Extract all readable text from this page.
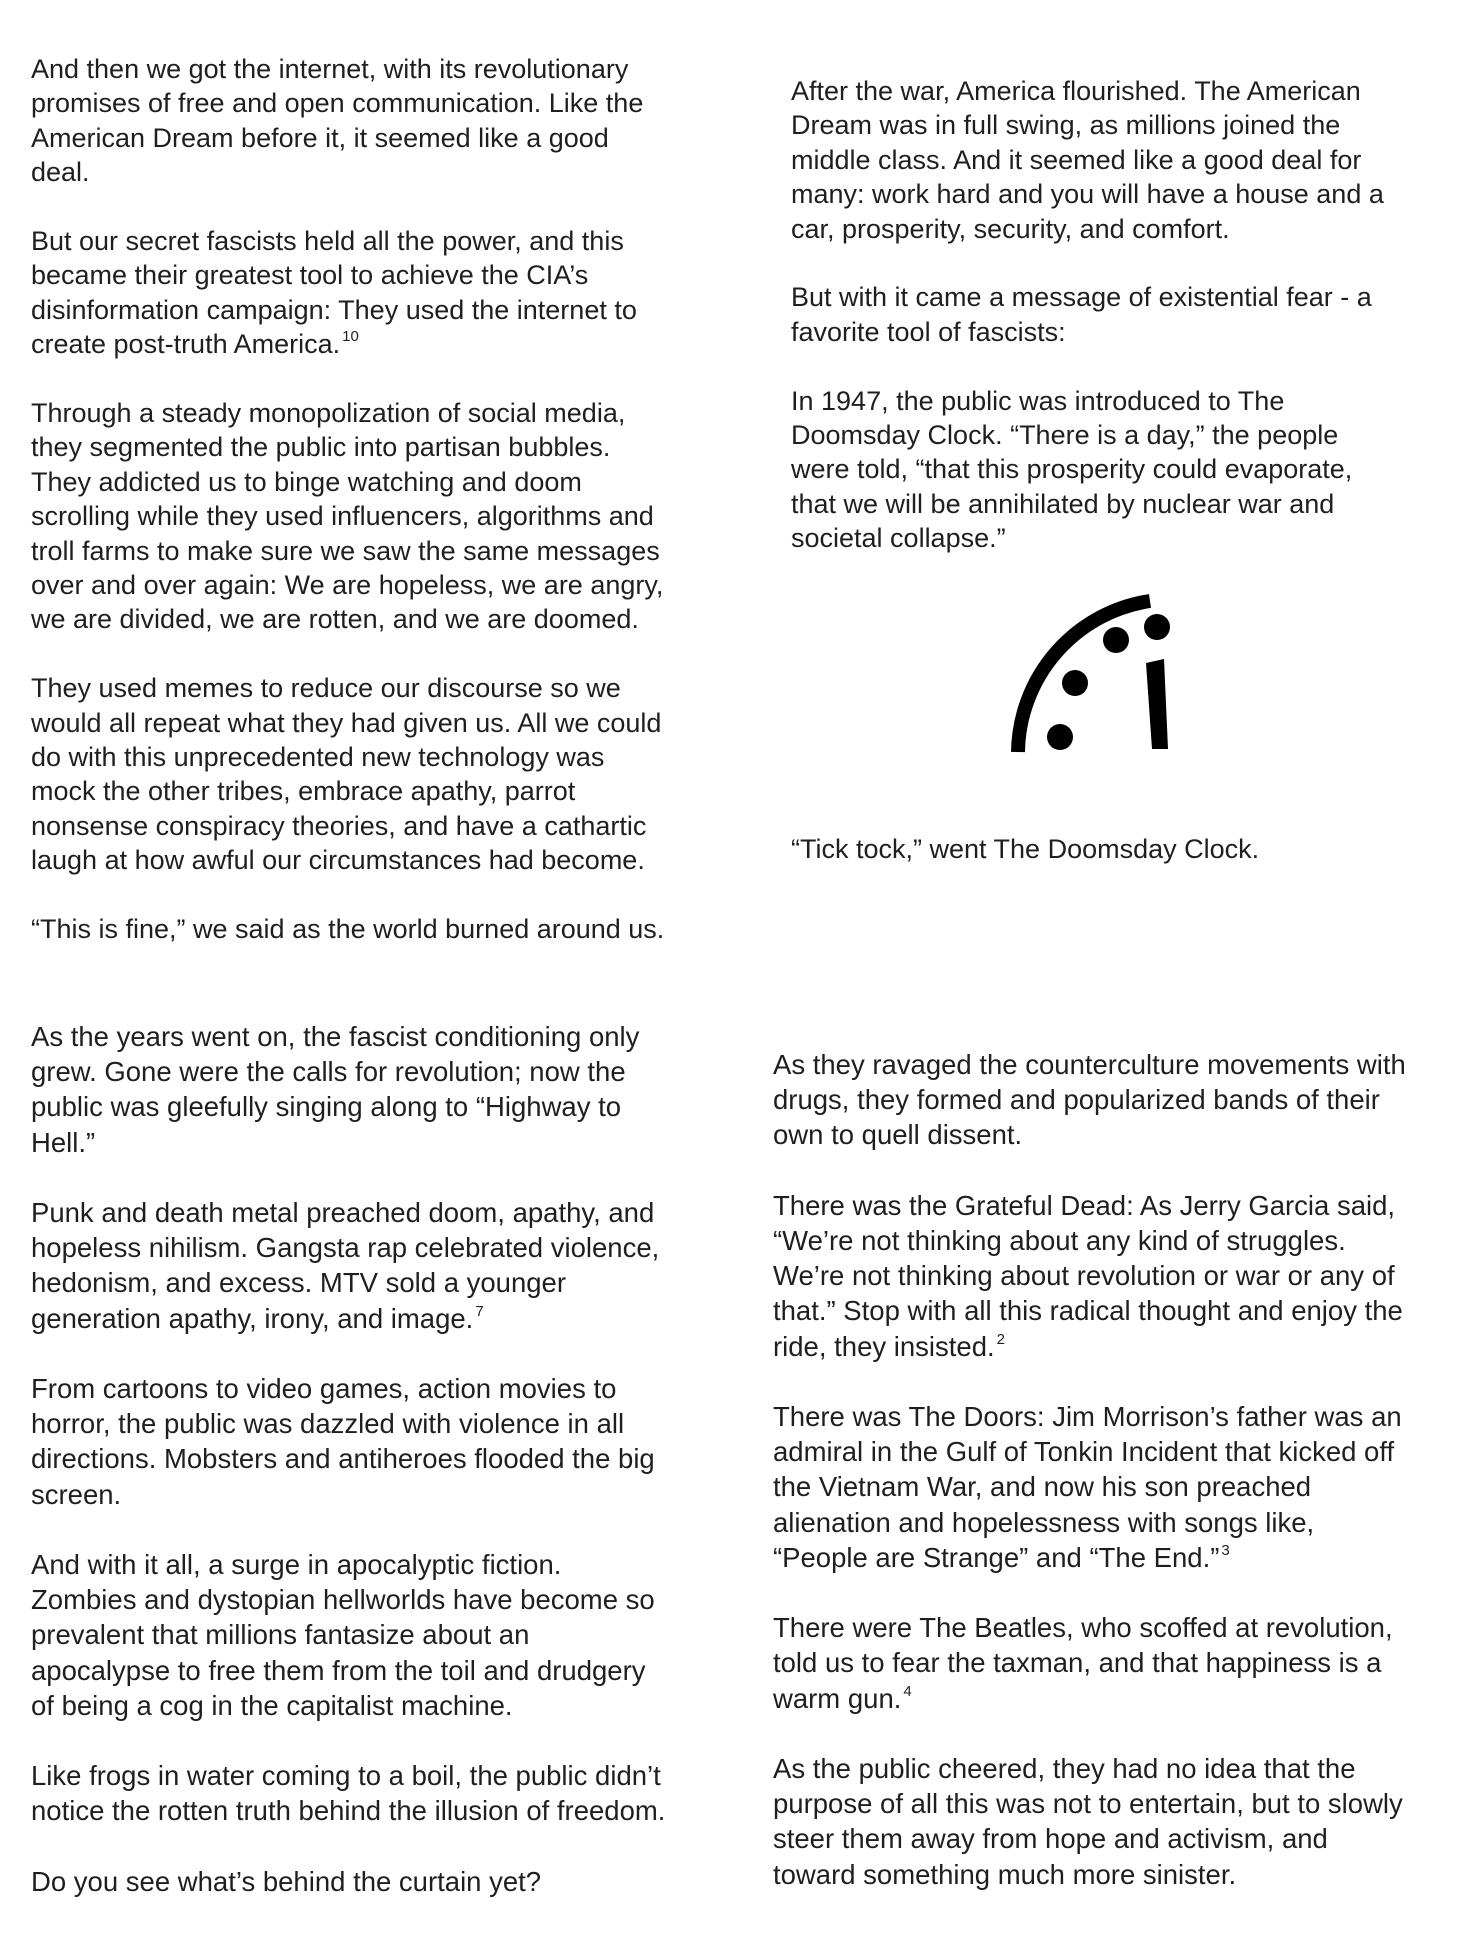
And then we got the internet, with its revolutionary
promises of free and open communication. Like the
American Dream before it, it seemed like a good
deal.

But our secret fascists held all the power, and this
became their greatest tool to achieve the CIA’s
disinformation campaign: They used the internet to
create post-truth America. $^{10}$

Through a steady monopolization of social media,
they segmented the public into partisan bubbles.
They addicted us to binge watching and doom
scrolling while they used influencers, algorithms and
troll farms to make sure we saw the same messages
over and over again: We are hopeless, we are angry,
we are divided, we are rotten, and we are doomed.

They used memes to reduce our discourse so we
would all repeat what they had given us. All we could
do with this unprecedented new technology was
mock the other tribes, embrace apathy, parrot
nonsense conspiracy theories, and have a cathartic
laugh at how awful our circumstances had become.

“This is fine,” we said as the world burned around us.

After the war, America flourished. The American
Dream was in full swing, as millions joined the
middle class. And it seemed like a good deal for
many: work hard and you will have a house and a
car, prosperity, security, and comfort.

But with it came a message of existential fear - a
favorite tool of fascists:

In 1947, the public was introduced to The
Doomsday Clock. “There is a day,” the people
were told, “that this prosperity could evaporate,
that we will be annihilated by nuclear war and
societal collapse.”

“Tick tock,” went The Doomsday Clock.

As the years went on, the fascist conditioning only
grew. Gone were the calls for revolution; now the
public was gleefully singing along to “Highway to
Hell.”

Punk and death metal preached doom, apathy, and
hopeless nihilism. Gangsta rap celebrated violence,
hedonism, and excess. MTV sold a younger
generation apathy, irony, and image. $^7$

From cartoons to video games, action movies to
horror, the public was dazzled with violence in all
directions. Mobsters and antiheroes flooded the big
screen.

And with it all, a surge in apocalyptic fiction.
Zombies and dystopian hellworlds have become so
prevalent that millions fantasize about an
apocalypse to free them from the toil and drudgery
of being a cog in the capitalist machine.

Like frogs in water coming to a boil, the public didn’t
notice the rotten truth behind the illusion of freedom.

Do you see what’s behind the curtain yet?

As they ravaged the counterculture movements with
drugs, they formed and popularized bands of their
own to quell dissent.

There was the Grateful Dead: As Jerry Garcia said,
“We’re not thinking about any kind of struggles.
We’re not thinking about revolution or war or any of
that.” Stop with all this radical thought and enjoy the
ride, they insisted. $^2$

There was The Doors: Jim Morrison’s father was an
admiral in the Gulf of Tonkin Incident that kicked off
the Vietnam War, and now his son preached
alienation and hopelessness with songs like,
“People are Strange” and “The End.” $^3$

There were The Beatles, who scoffed at revolution,
told us to fear the taxman, and that happiness is a
warm gun. $^4$

As the public cheered, they had no idea that the
purpose of all this was not to entertain, but to slowly
steer them away from hope and activism, and
toward something much more sinister.
